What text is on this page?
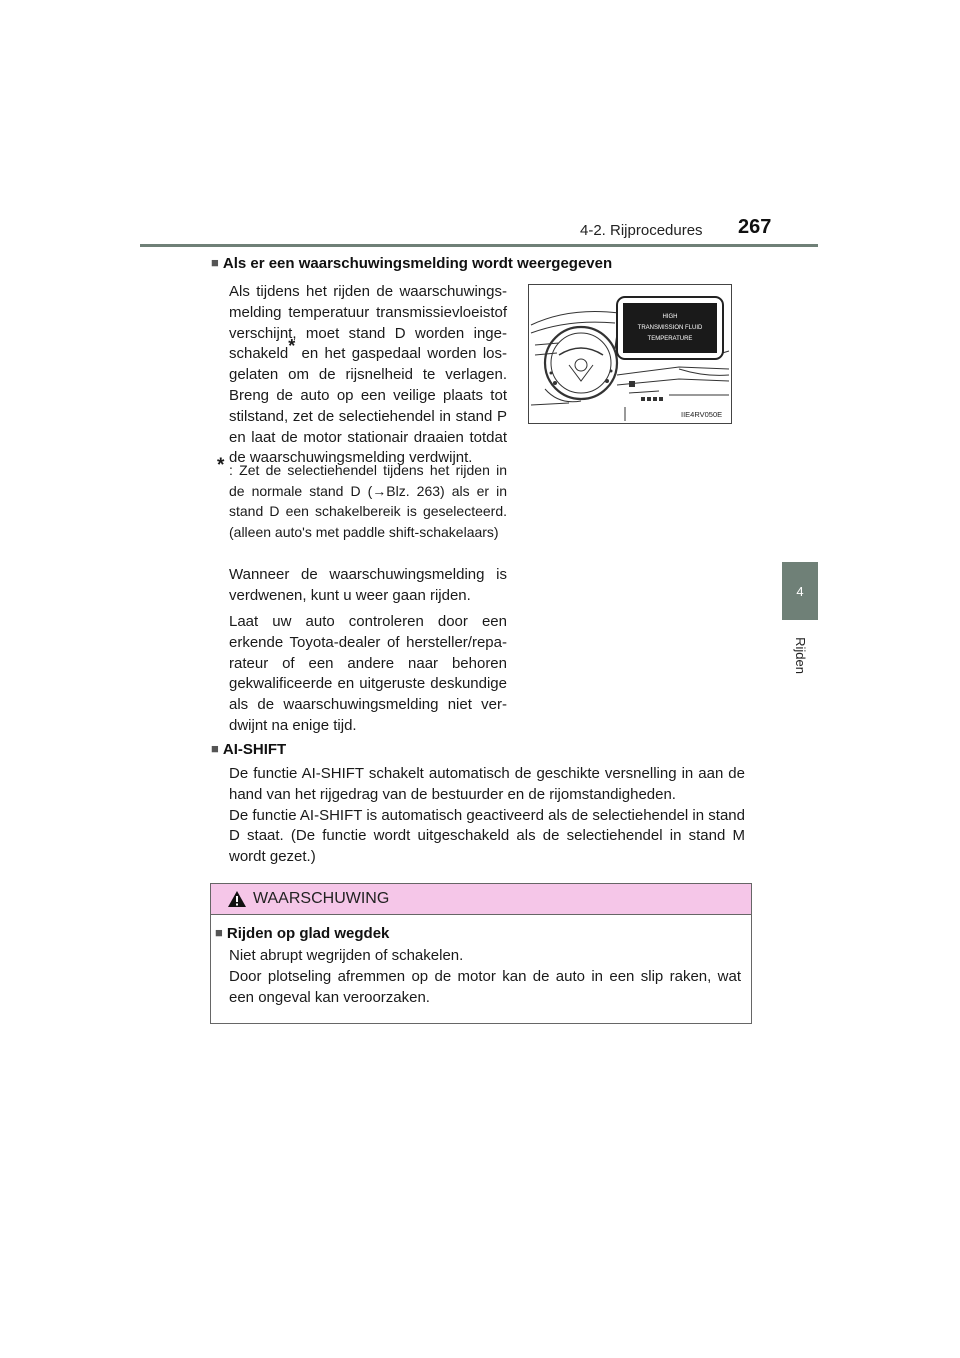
4-2. Rijprocedures 267
4
Rijden
■ Als er een waarschuwingsmelding wordt weergegeven
Als tijdens het rijden de waarschuwings-melding temperatuur transmissievloeistof verschijnt, moet stand D worden inge-schakeld* en het gaspedaal worden los-gelaten om de rijsnelheid te verlagen. Breng de auto op een veilige plaats tot stilstand, zet de selectiehendel in stand P en laat de motor stationair draaien totdat de waarschuwingsmelding verdwijnt.
* : Zet de selectiehendel tijdens het rijden in de normale stand D (→Blz. 263) als er in stand D een schakelbereik is geselecteerd. (alleen auto's met paddle shift-schakelaars)
Wanneer de waarschuwingsmelding is verdwenen, kunt u weer gaan rijden.
Laat uw auto controleren door een erkende Toyota-dealer of hersteller/repa-rateur of een andere naar behoren gekwalificeerde en uitgeruste deskundige als de waarschuwingsmelding niet ver-dwijnt na enige tijd.
HIGH
TRANSMISSION FLUID
TEMPERATURE
IIE4RV050E
■ AI-SHIFT
De functie AI-SHIFT schakelt automatisch de geschikte versnelling in aan de hand van het rijgedrag van de bestuurder en de rijomstandigheden.
De functie AI-SHIFT is automatisch geactiveerd als de selectiehendel in stand D staat. (De functie wordt uitgeschakeld als de selectiehendel in stand M wordt gezet.)
WAARSCHUWING
■ Rijden op glad wegdek
Niet abrupt wegrijden of schakelen.
Door plotseling afremmen op de motor kan de auto in een slip raken, wat een ongeval kan veroorzaken.
